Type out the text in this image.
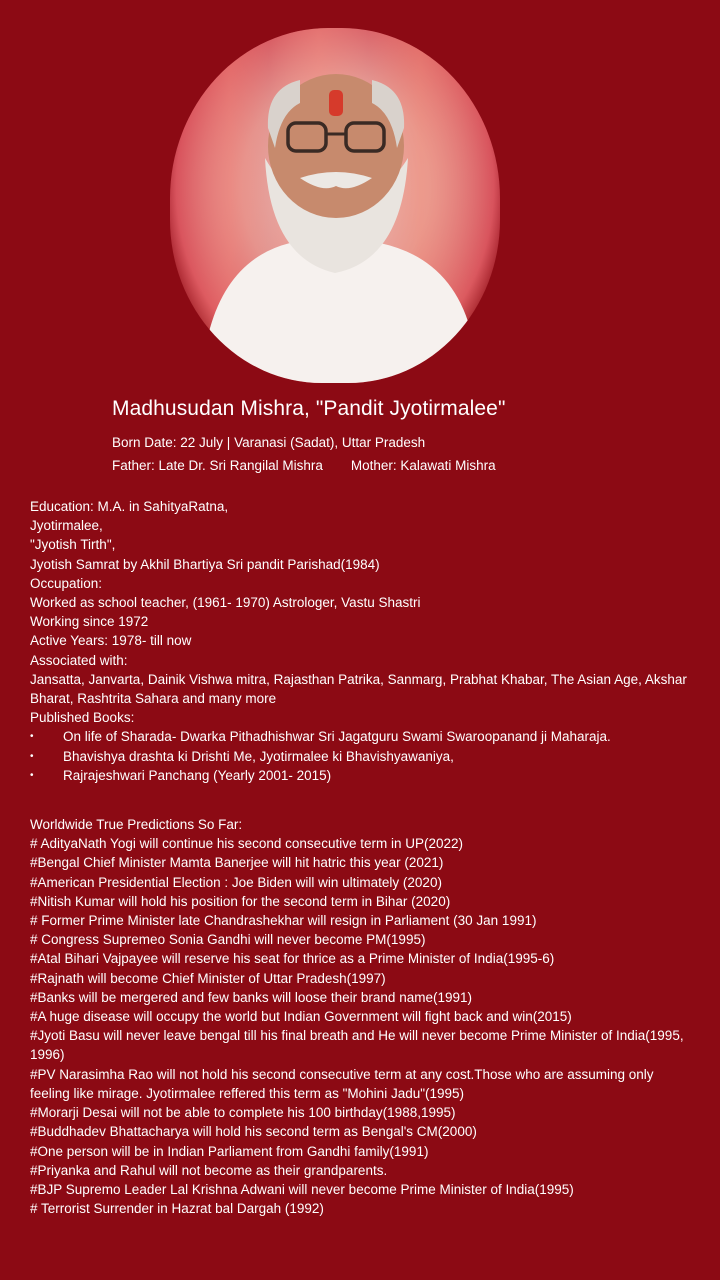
Madhusudan Mishra, "Pandit Jyotirmalee"

Born Date: 22 July | Varanasi (Sadat), Uttar Pradesh

Father: Late Dr. Sri Rangilal Mishra Mother: Kalawati Mishra

Education: M.A. in SahityaRatna,

Jyotirmalee,

"Jyotish Tirth",

Jyotish Samrat by Akhil Bhartiya Sri pandit Parishad(1984)

Occupation:

Worked as school teacher, (1961- 1970) Astrologer, Vastu Shastri

Working since 1972

Active Years: 1978- till now

Associated with:

Jansatta, Janvarta, Dainik Vishwa mitra, Rajasthan Patrika, Sanmarg, Prabhat Khabar, The Asian Age, Akshar Bharat, Rashtrita Sahara and many more

Published Books:

• On life of Sharada- Dwarka Pithadhishwar Sri Jagatguru Swami Swaroopanand ji Maharaja.
• Bhavishya drashta ki Drishti Me, Jyotirmalee ki Bhavishyawaniya,
• Rajrajeshwari Panchang (Yearly 2001- 2015)

Worldwide True Predictions So Far:

# AdityaNath Yogi will continue his second consecutive term in UP(2022)

#Bengal Chief Minister Mamta Banerjee will hit hatric this year (2021)

#American Presidential Election : Joe Biden will win ultimately (2020)

#Nitish Kumar will hold his position for the second term in Bihar (2020)

# Former Prime Minister late Chandrashekhar will resign in Parliament (30 Jan 1991)

# Congress Supremeo Sonia Gandhi will never become PM(1995)

#Atal Bihari Vajpayee will reserve his seat for thrice as a Prime Minister of India(1995-6)

#Rajnath will become Chief Minister of Uttar Pradesh(1997)

#Banks will be mergered and few banks will loose their brand name(1991)

#A huge disease will occupy the world but Indian Government will fight back and win(2015)

#Jyoti Basu will never leave bengal till his final breath and He will never become Prime Minister of India(1995, 1996)

#PV Narasimha Rao will not hold his second consecutive term at any cost.Those who are assuming only feeling like mirage. Jyotirmalee reffered this term as "Mohini Jadu"(1995)

#Morarji Desai will not be able to complete his 100 birthday(1988,1995)

#Buddhadev Bhattacharya will hold his second term as Bengal's CM(2000)

#One person will be in Indian Parliament from Gandhi family(1991)

#Priyanka and Rahul will not become as their grandparents.

#BJP Supremo Leader Lal Krishna Adwani will never become Prime Minister of India(1995)

# Terrorist Surrender in Hazrat bal Dargah (1992)
